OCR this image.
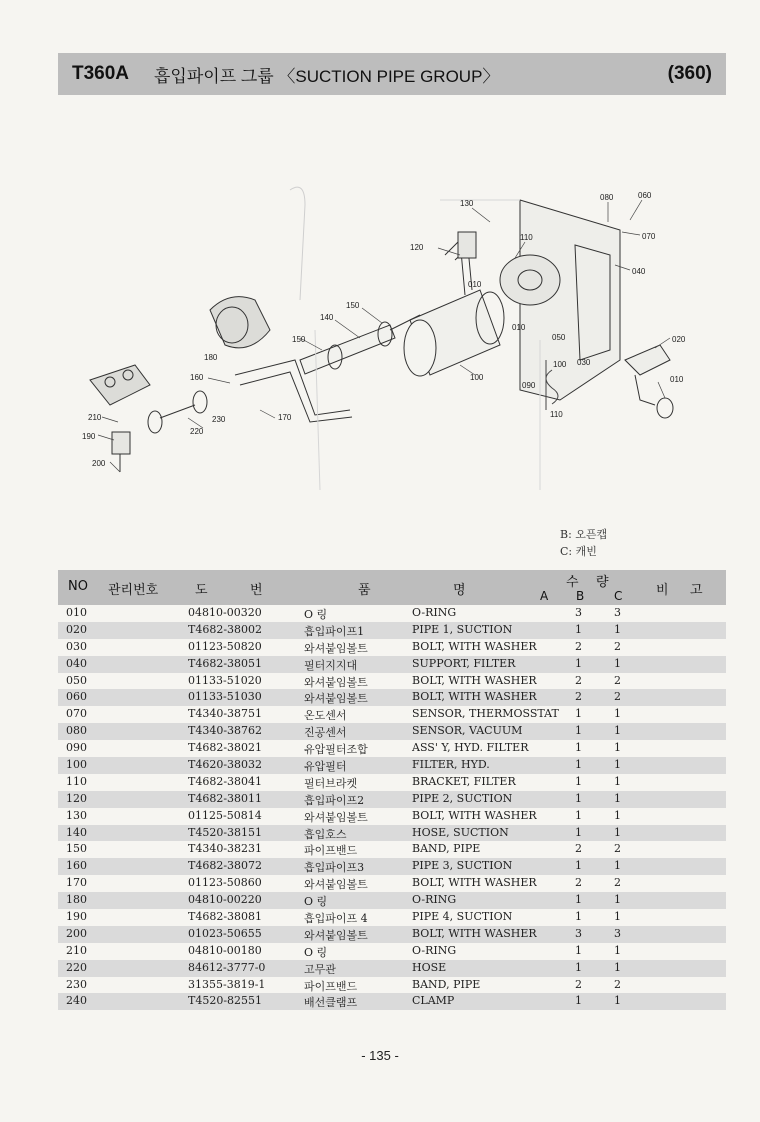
T360A	흡입파이프 그룹 〈SUCTION PIPE GROUP〉	(360)
130
080	060
070
120
110
040
010
150
140
010
050	020
150
180
100
100
030
010
160
090
210	230	170	110
190
220
200
B: 오픈캡
C: 캐빈
NO 관리번호	도	번	품	명
수 량
A B C	비 고
010	04810-00320	O 링	O-RING	3	3
020	T4682-38002	흡입파이프1	PIPE 1, SUCTION	1	1
030	01123-50820	와셔붙임볼트	BOLT, WITH WASHER	2	2
040	T4682-38051	필터지지대	SUPPORT, FILTER	1	1
050	01133-51020	와셔붙임볼트	BOLT, WITH WASHER	2	2
060	01133-51030	와셔붙임볼트	BOLT, WITH WASHER	2	2
070	T4340-38751	온도센서	SENSOR, THERMOSSTAT 1	1
080	T4340-38762	진공센서	SENSOR, VACUUM	1	1
090	T4682-38021	유압필터조합	ASS' Y, HYD. FILTER	1	1
100	T4620-38032	유압필터	FILTER, HYD.	1	1
110	T4682-38041	필터브라켓	BRACKET, FILTER	1	1
120	T4682-38011	흡입파이프2	PIPE 2, SUCTION	1	1
130	01125-50814	와셔붙임볼트	BOLT, WITH WASHER	1	1
140	T4520-38151	흡입호스	HOSE, SUCTION	1	1
150	T4340-38231	파이프밴드	BAND, PIPE	2	2
160	T4682-38072	흡입파이프3	PIPE 3, SUCTION	1	1
170	01123-50860	와셔붙임볼트	BOLT, WITH WASHER	2	2
180	04810-00220	O 링	O-RING	1	1
190	T4682-38081	흡입파이프 4	PIPE 4, SUCTION	1	1
200	01023-50655	와셔붙임볼트	BOLT, WITH WASHER	3	3
210	04810-00180	O 링	O-RING	1	1
220	84612-3777-0	고무관	HOSE	1	1
230	31355-3819-1	파이프밴드	BAND, PIPE	2	2
240	T4520-82551	배선클램프	CLAMP	1	1
- 135 -
